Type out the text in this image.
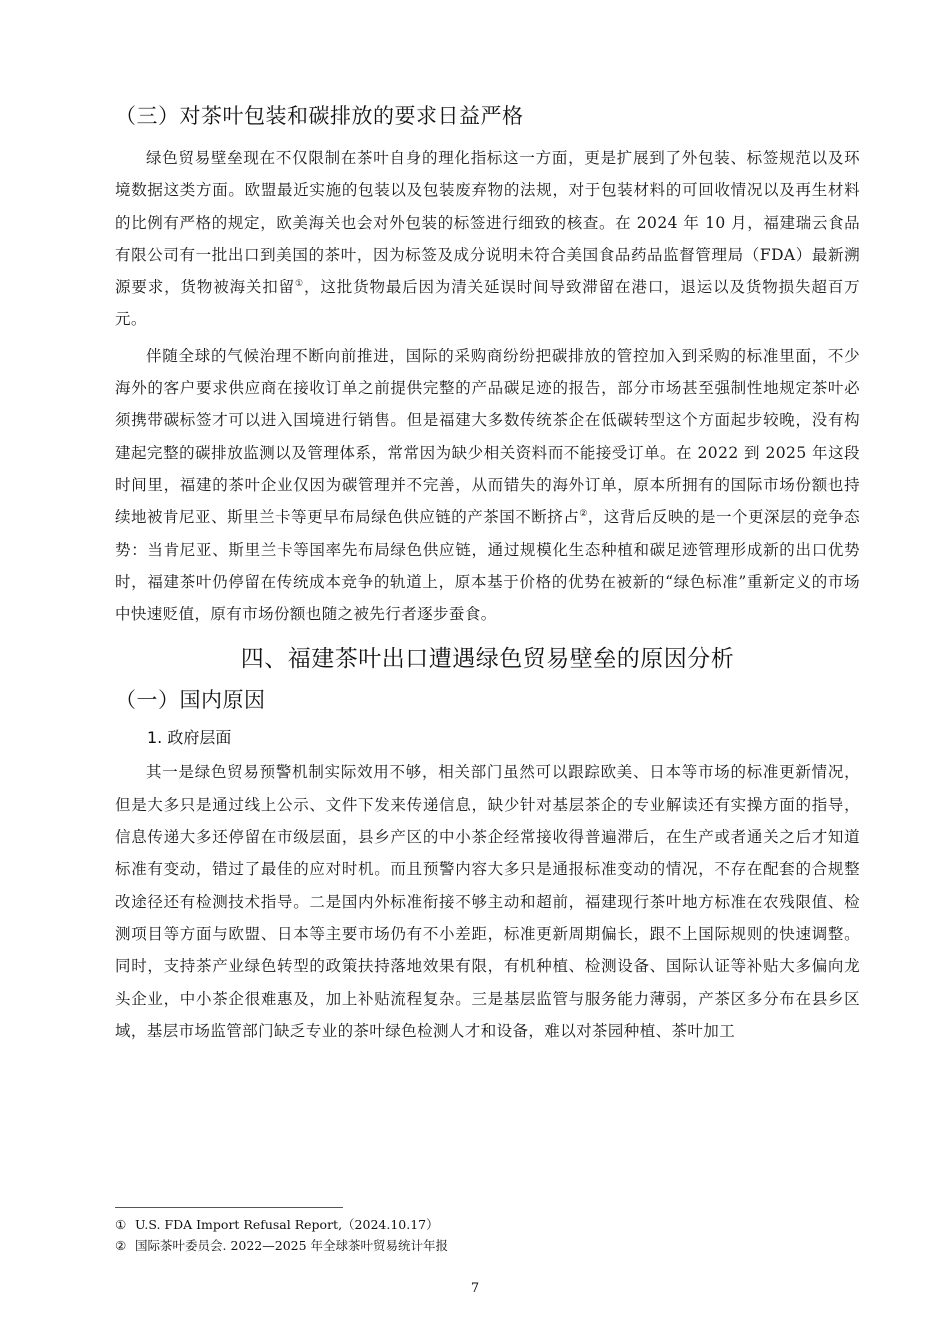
（三）对茶叶包装和碳排放的要求日益严格

绿色贸易壁垒现在不仅限制在茶叶自身的理化指标这一方面，更是扩展到了外包装、标签规范以及环境数据这类方面。欧盟最近实施的包装以及包装废弃物的法规，对于包装材料的可回收情况以及再生材料的比例有严格的规定，欧美海关也会对外包装的标签进行细致的核查。在 2024 年 10 月，福建瑞云食品有限公司有一批出口到美国的茶叶，因为标签及成分说明未符合美国食品药品监督管理局（FDA）最新溯源要求，货物被海关扣留①，这批货物最后因为清关延误时间导致滞留在港口，退运以及货物损失超百万元。

伴随全球的气候治理不断向前推进，国际的采购商纷纷把碳排放的管控加入到采购的标准里面，不少海外的客户要求供应商在接收订单之前提供完整的产品碳足迹的报告，部分市场甚至强制性地规定茶叶必须携带碳标签才可以进入国境进行销售。但是福建大多数传统茶企在低碳转型这个方面起步较晚，没有构建起完整的碳排放监测以及管理体系，常常因为缺少相关资料而不能接受订单。在 2022 到 2025 年这段时间里，福建的茶叶企业仅因为碳管理并不完善，从而错失的海外订单，原本所拥有的国际市场份额也持续地被肯尼亚、斯里兰卡等更早布局绿色供应链的产茶国不断挤占②，这背后反映的是一个更深层的竞争态势：当肯尼亚、斯里兰卡等国率先布局绿色供应链，通过规模化生态种植和碳足迹管理形成新的出口优势时，福建茶叶仍停留在传统成本竞争的轨道上，原本基于价格的优势在被新的“绿色标准”重新定义的市场中快速贬值，原有市场份额也随之被先行者逐步蚕食。

四、福建茶叶出口遭遇绿色贸易壁垒的原因分析
（一）国内原因
1. 政府层面

其一是绿色贸易预警机制实际效用不够，相关部门虽然可以跟踪欧美、日本等市场的标准更新情况，但是大多只是通过线上公示、文件下发来传递信息，缺少针对基层茶企的专业解读还有实操方面的指导，信息传递大多还停留在市级层面，县乡产区的中小茶企经常接收得普遍滞后，在生产或者通关之后才知道标准有变动，错过了最佳的应对时机。而且预警内容大多只是通报标准变动的情况，不存在配套的合规整改途径还有检测技术指导。二是国内外标准衔接不够主动和超前，福建现行茶叶地方标准在农残限值、检测项目等方面与欧盟、日本等主要市场仍有不小差距，标准更新周期偏长，跟不上国际规则的快速调整。同时，支持茶产业绿色转型的政策扶持落地效果有限，有机种植、检测设备、国际认证等补贴大多偏向龙头企业，中小茶企很难惠及，加上补贴流程复杂。三是基层监管与服务能力薄弱，产茶区多分布在县乡区域，基层市场监管部门缺乏专业的茶叶绿色检测人才和设备，难以对茶园种植、茶叶加工

① U.S. FDA Import Refusal Report,（2024.10.17）
② 国际茶叶委员会. 2022—2025 年全球茶叶贸易统计年报
7
